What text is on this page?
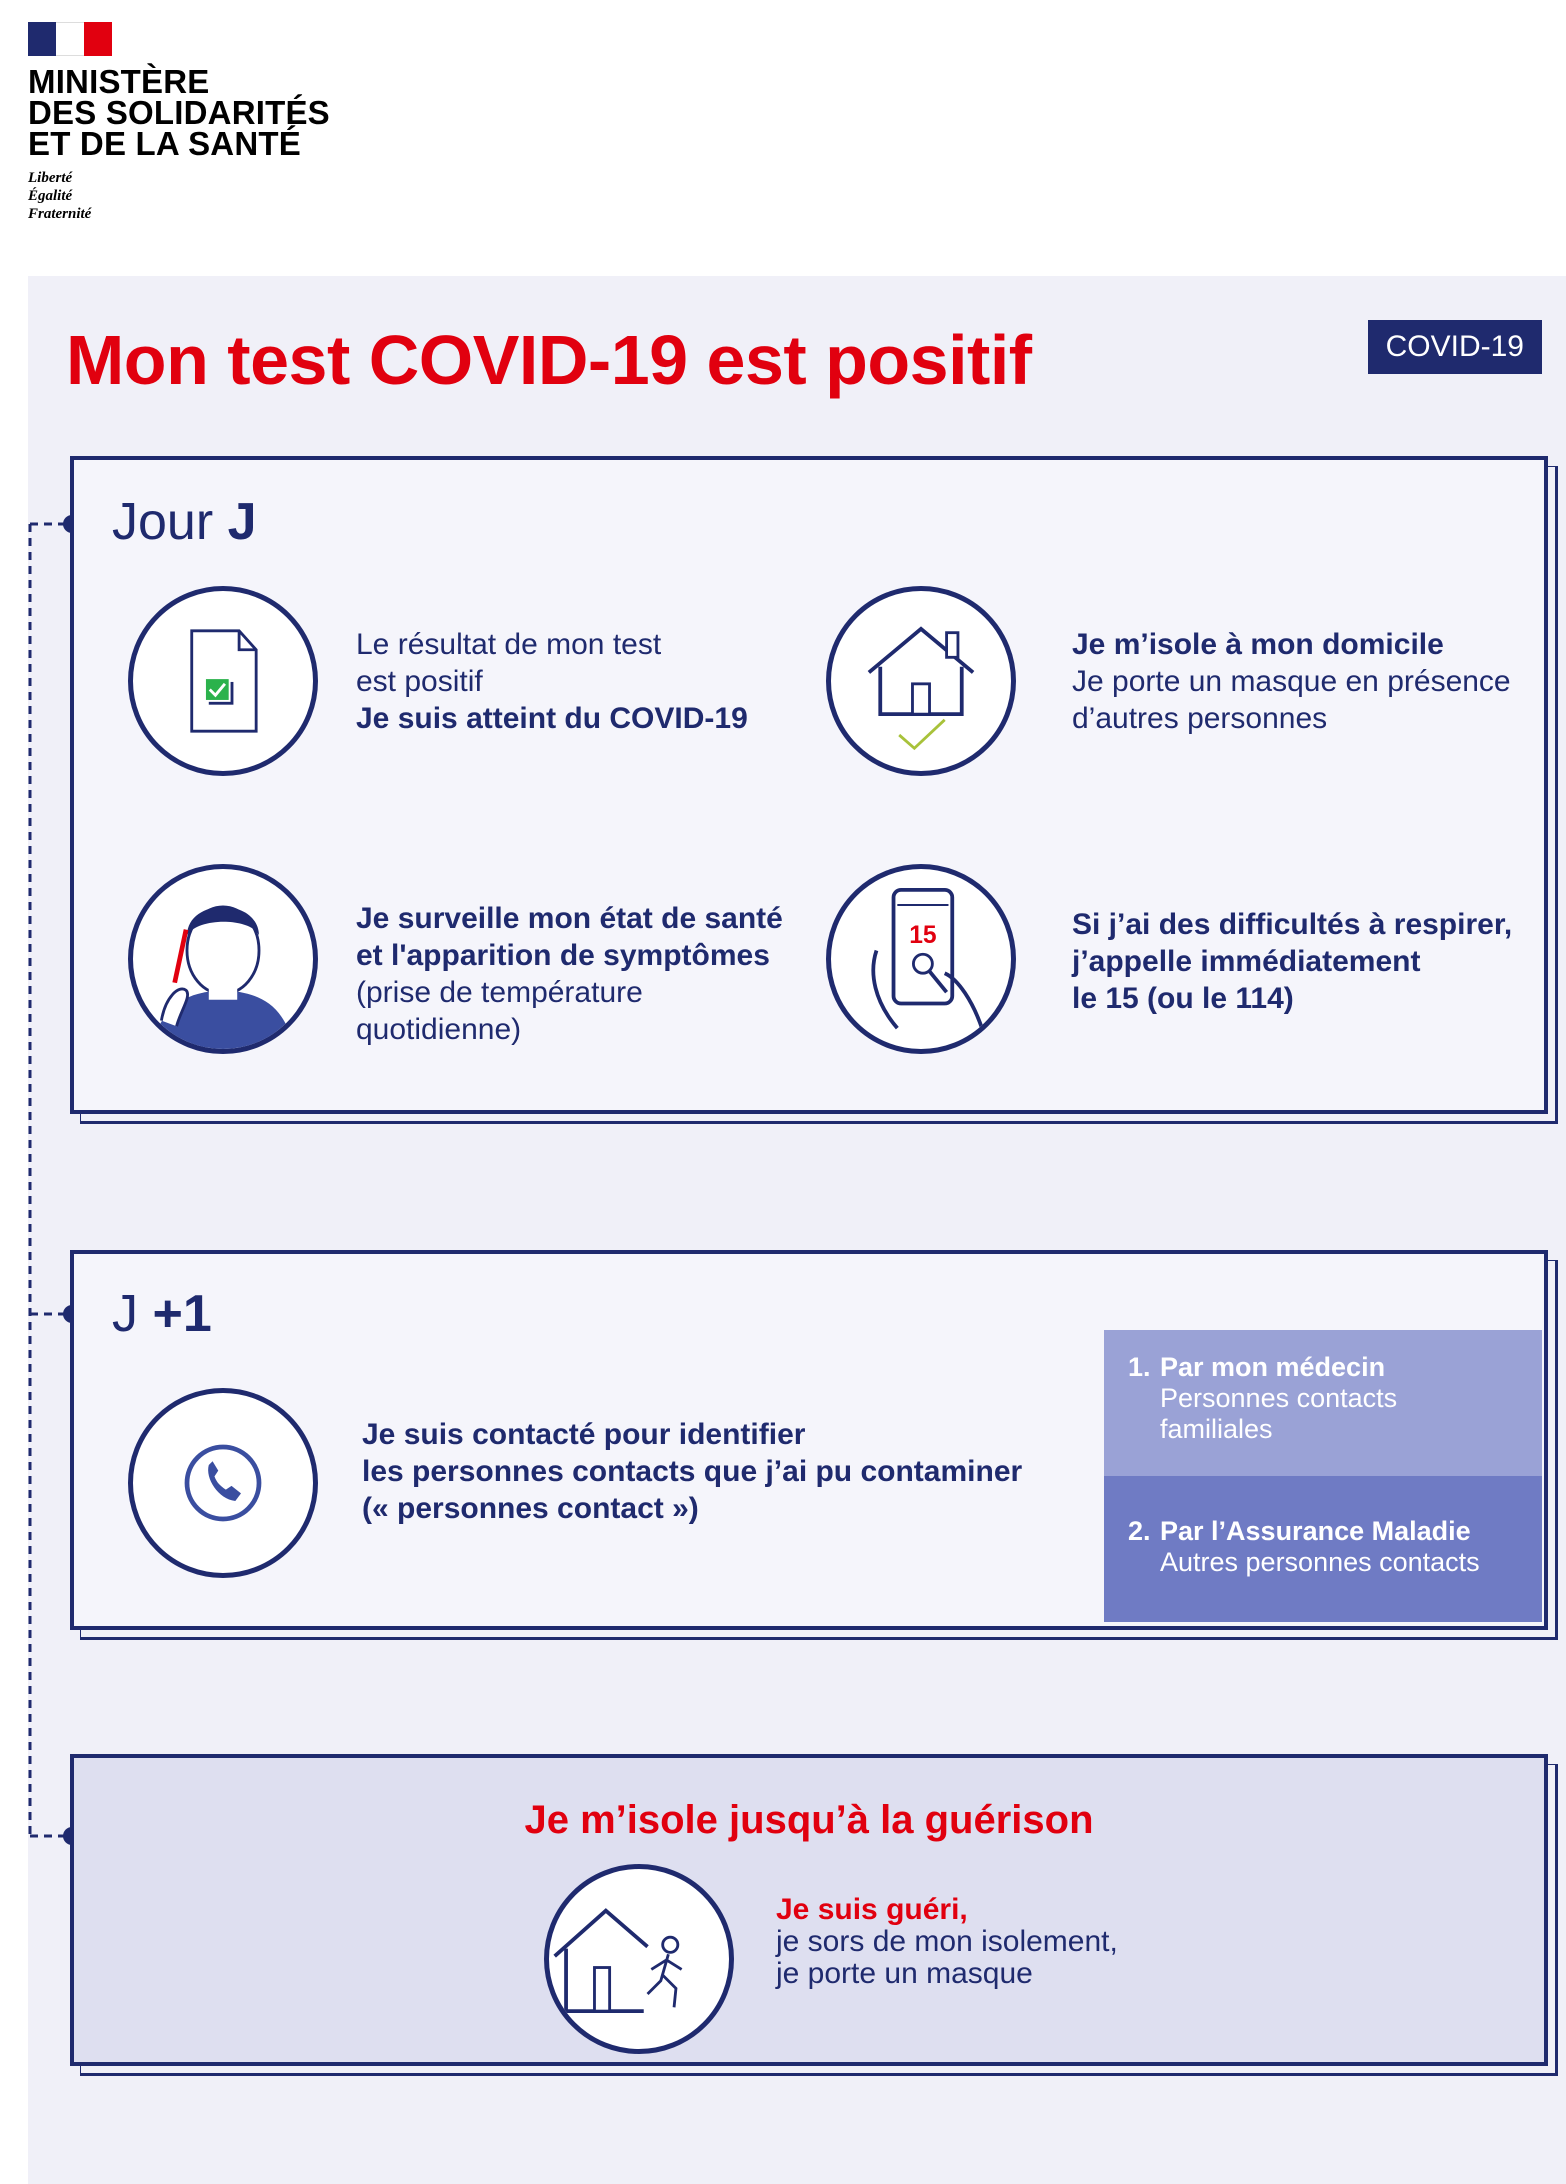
MINISTÈRE
DES SOLIDARITÉS
ET DE LA SANTÉ
Liberté
Égalité
Fraternité
Mon test COVID-19 est positif	COVID-19
Jour J
Le résultat de mon test
est positif
Je suis atteint du COVID-19
Je m’isole à mon domicile
Je porte un masque en présence
d’autres personnes
Je surveille mon état de santé
et l'apparition de symptômes
(prise de température
quotidienne)
15	Si j’ai des difficultés à respirer,
j’appelle immédiatement
le 15 (ou le 114)
J +1
Je suis contacté pour identifier
les personnes contacts que j’ai pu contaminer
(« personnes contact »)
1. Par mon médecin
Personnes contacts
familiales
2. Par l’Assurance Maladie
Autres personnes contacts
Je m’isole jusqu’à la guérison
Je suis guéri,
je sors de mon isolement,
je porte un masque
